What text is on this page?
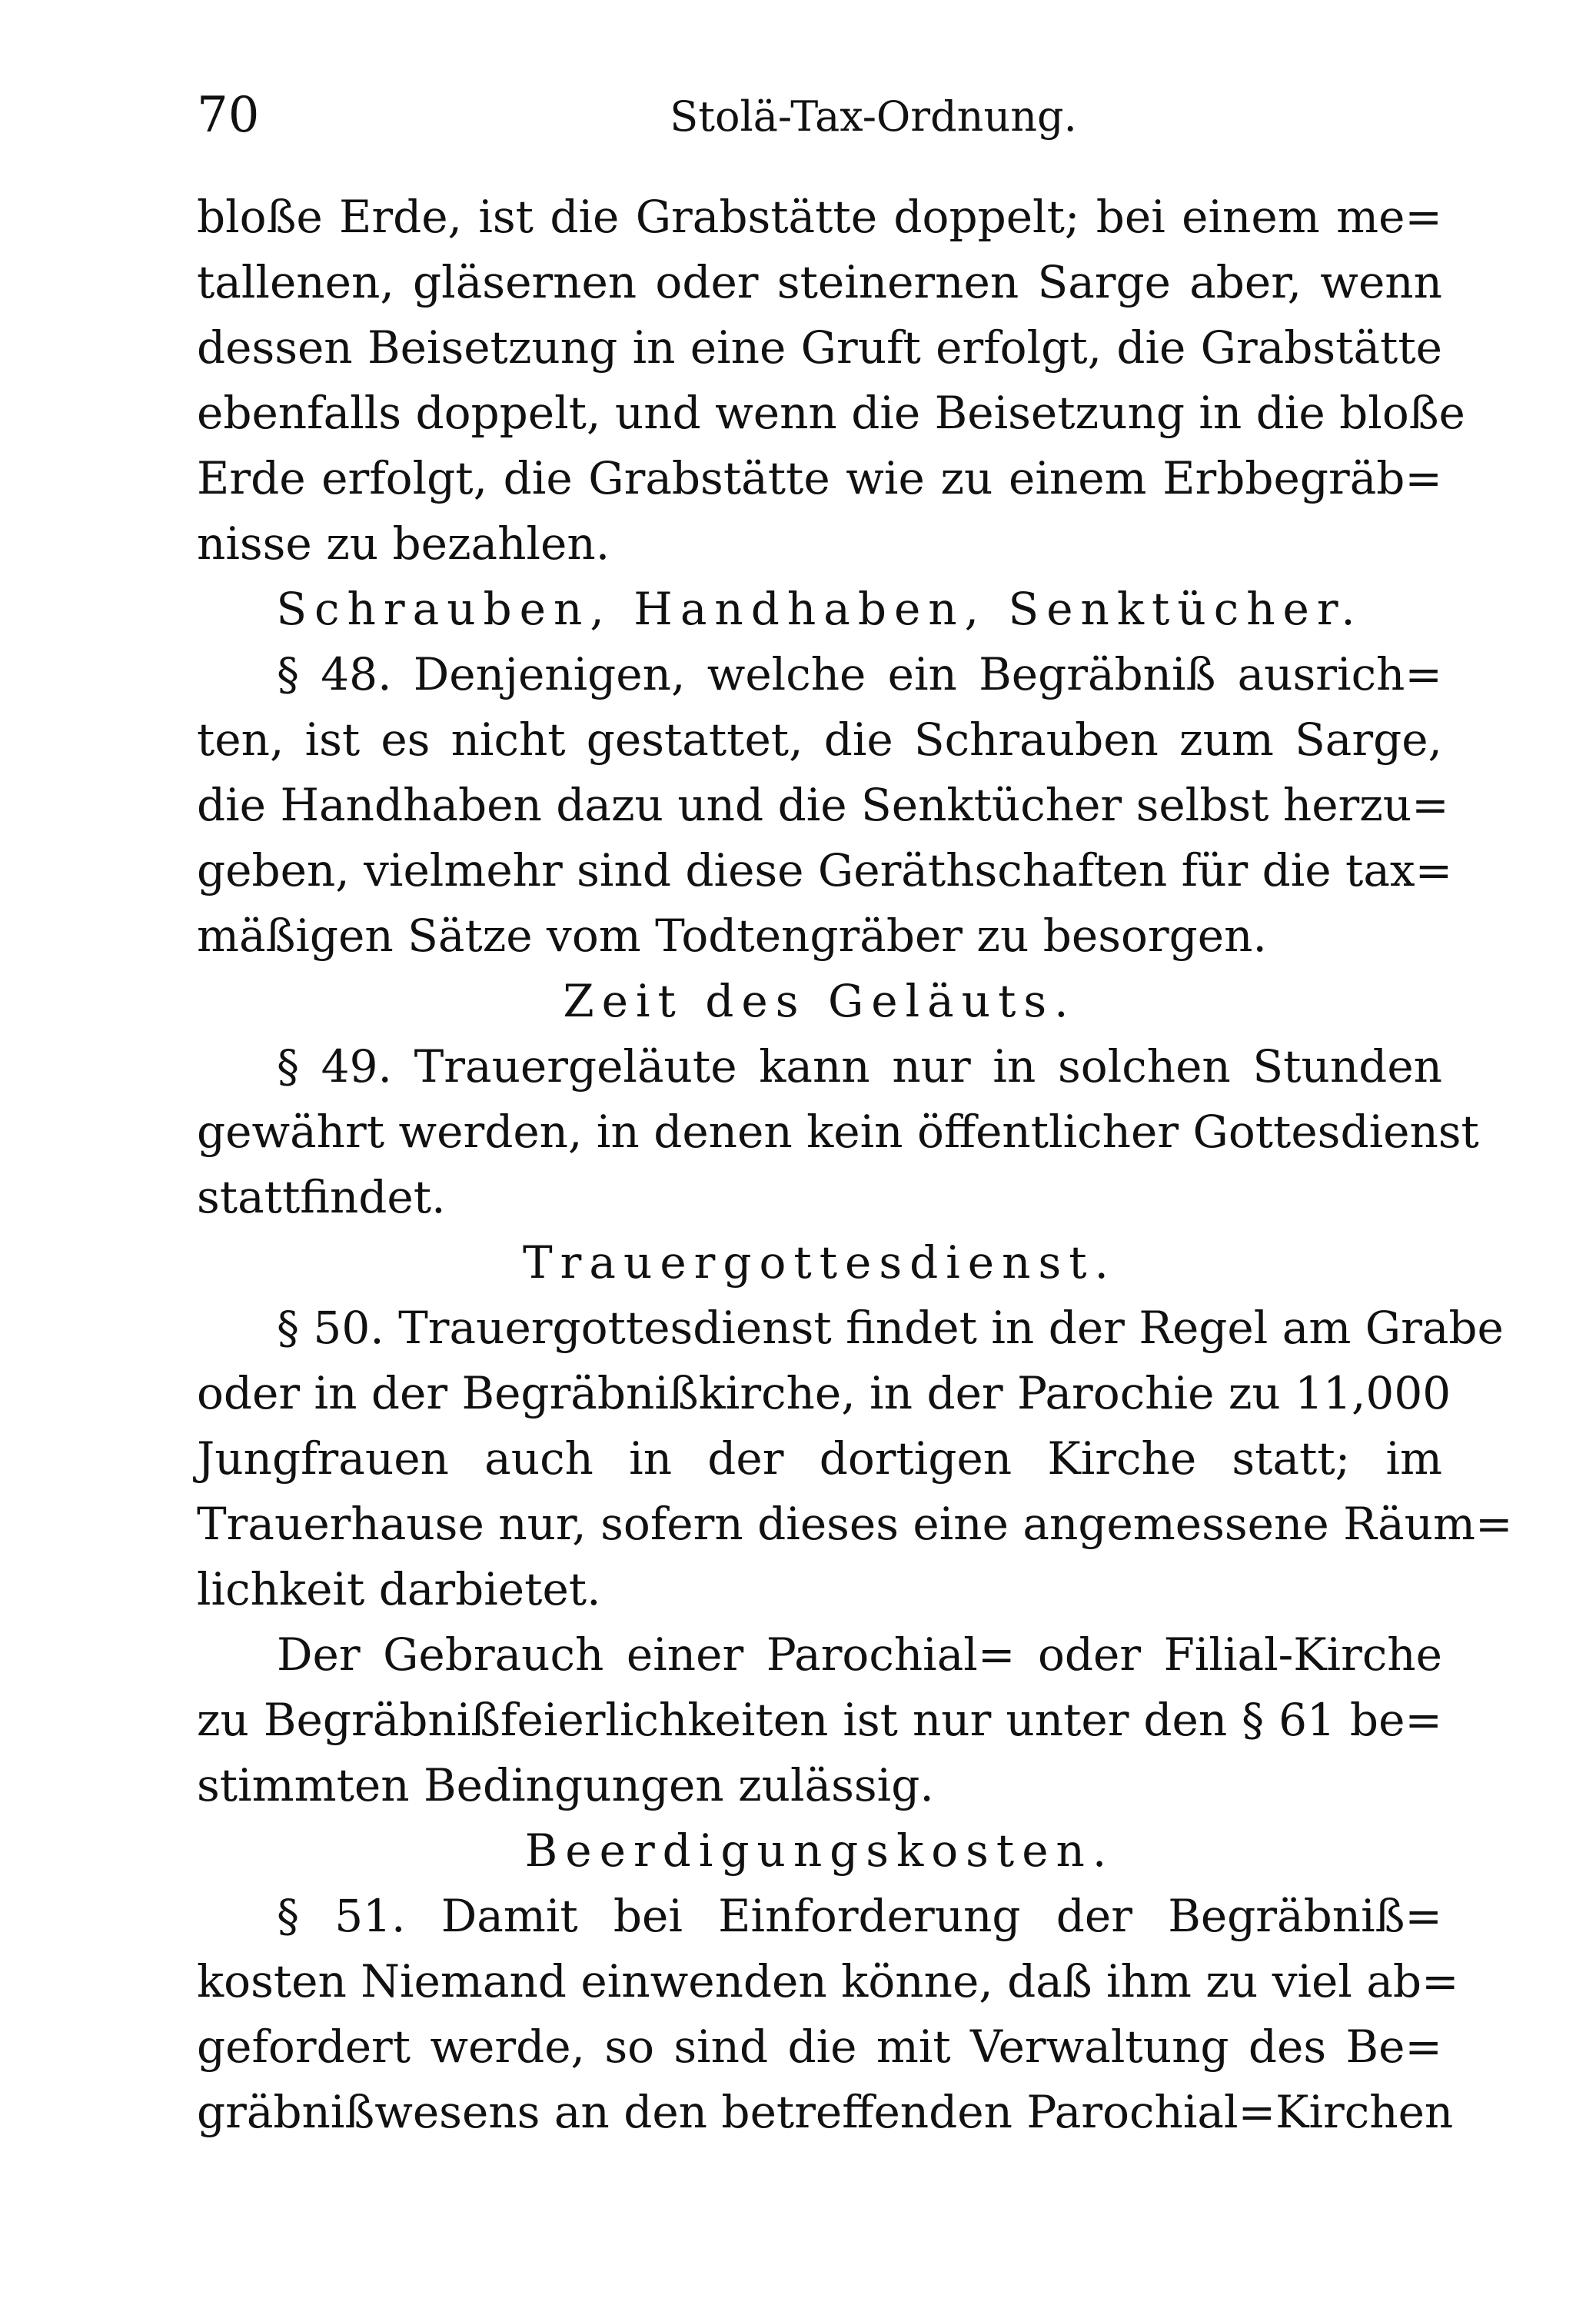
70	Stolä-Tax-Ordnung.
bloße Erde, ist die Grabstätte doppelt; bei einem me=
tallenen, gläsernen oder steinernen Sarge aber, wenn
dessen Beisetzung in eine Gruft erfolgt, die Grabstätte
ebenfalls doppelt, und wenn die Beisetzung in die bloße
Erde erfolgt, die Grabstätte wie zu einem Erbbegräb=
nisse zu bezahlen.
Schrauben, Handhaben, Senktücher.
§ 48. Denjenigen, welche ein Begräbniß ausrich=
ten, ist es nicht gestattet, die Schrauben zum Sarge,
die Handhaben dazu und die Senktücher selbst herzu=
geben, vielmehr sind diese Geräthschaften für die tax=
mäßigen Sätze vom Todtengräber zu besorgen.
Zeit des Geläuts.
§ 49. Trauergeläute kann nur in solchen Stunden
gewährt werden, in denen kein öffentlicher Gottesdienst
stattfindet.
Trauergottesdienst.
§ 50. Trauergottesdienst findet in der Regel am Grabe
oder in der Begräbnißkirche, in der Parochie zu 11,000
Jungfrauen auch in der dortigen Kirche statt; im
Trauerhause nur, sofern dieses eine angemessene Räum=
lichkeit darbietet.
Der Gebrauch einer Parochial= oder Filial-Kirche
zu Begräbnißfeierlichkeiten ist nur unter den § 61 be=
stimmten Bedingungen zulässig.
Beerdigungskosten.
§ 51. Damit bei Einforderung der Begräbniß=
kosten Niemand einwenden könne, daß ihm zu viel ab=
gefordert werde, so sind die mit Verwaltung des Be=
gräbnißwesens an den betreffenden Parochial=Kirchen
